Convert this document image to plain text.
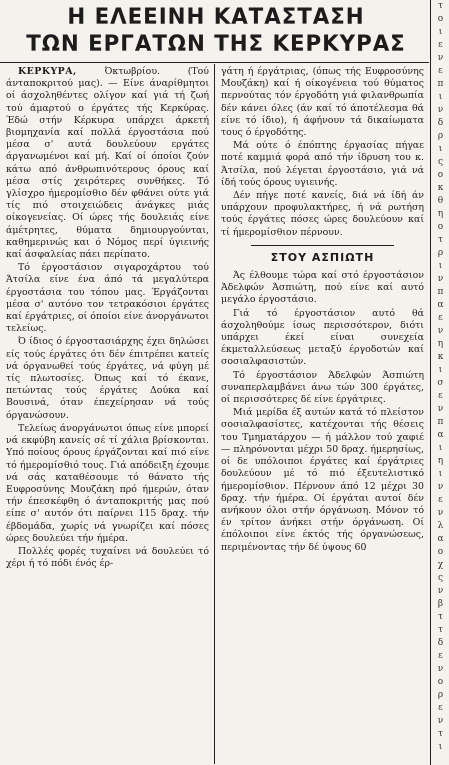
Η ΕΛΕΕΙΝΗ ΚΑΤΑΣΤΑΣΗ
ΤΩΝ ΕΡΓΑΤΩΝ ΤΗΣ ΚΕΡΚΥΡΑΣ

ΚΕΡΚΥΡΑ,	Όκτωβρίου. (Τού άνταποκριτού μας). — Είνε άναρίθμητοι οί άσχοληθέντες ολίγον καί γιά τή ζωή τού άμαρτού ο έργάτες τής Κερκύρας. Έδώ στήν Κέρκυρα υπάρχει άρκετή βιομηχανία καί πολλά έργοστάσια πού μέσα σ' αυτά δουλεύουν εργάτες άργανωμένοι καί μή. Καί οί όποίοι ζούν κάτω από άνθρωπινότερους όρους καί μέσα στίς χειρότερες συνθήκες. Τό γλίσχρο ήμερομίσθιο δέν φθάνει ούτε γιά τίς πιό στοιχειώδεις άνάγκες μιάς οίκογενείας. Οί ώρες τής δουλειάς είνε άμέτρητες, θύματα δημιουργούνται, καθημερινώς και ό Νόμος περί ύγιεινής καί άσφαλείας πάει περίπατο.

Τό έργοστάσιον σιγαροχάρτου τού Άτσίλα είνε ένα άπό τά μεγαλύτερα έργοστάσια του τόπου μας. Έργάζονται μέσα σ' αυτόνο τον τετρακόσιοι έργάτες καί έργάτριες, οί όποίοι είνε άνοργάνωτοι τελείως.

Ό ίδιος ό έργοστασιάρχης έχει δηλώσει είς τούς έργάτες ότι δέν έπιτρέπει κατείς νά όργανωθεί τούς έργάτες, νά φύγη μέ τίς πλωτοσίες. Όπως καί τό έκανε, πετώντας τούς έργάτες Δούκα καί Βουσινά, όταν έπεχείρησαν νά τούς όργανώσουν.

Τελείως άνοργάνωτοι όπως είνε μπορεί νά εκφύβη κανείς σέ τί χάλια βρίσκονται. Υπό ποίους όρους έργάζονται καί πιό είνε τό ήμερομίσθιό τους. Γιά απόδειξη έχουμε νά σάς καταθέσουμε τό θάνατο τής Ευφροσύνης Μουζάκη πρό ήμερών, όταν τήν έπεσκέφθη ό άνταποκριτής μας πού είπε σ' αυτόν ότι παίρνει 115 δραχ. τήν έβδομάδα, χωρίς νά γνωρίζει καί πόσες ώρες δουλεύει τήν ήμέρα.

Πολλές φορές τυχαίνει νά δουλεύει τό χέρι ή τό πόδι ένός έρ-

γάτη ή έργάτριας, (όπως τής Ευφροσύνης Μουζάκη) καί ή οίκογένεια τού θύματος περνούτας τόν έργοδότη γιά φιλανθρωπία δέν κάνει όλες (άν καί τό άποτέλεσμα θά είνε τό ίδιο), ή άφήνουν τά δικαίωματα τους ό έργοδότης.

Μά ούτε ό έπόπτης έργασίας πήγαε ποτέ καμμιά φορά από τήν ίδρυση του κ. Άτσίλα, πού λέγεται έργοστάσιο, γιά νά ίδή τούς όρους υγιεινής.

Δέν πήγε ποτέ κανείς, διά νά ίδή άν υπάρχουν προφυλακτήρες, ή νά ρωτήση τούς έργάτες πόσες ώρες δουλεύουν καί τί ήμερομίσθιον πέρνουν.

ΣΤΟΥ ΑΣΠΙΩΤΗ

Άς έλθουμε τώρα καί στό έργοστάσιον Άδελφών Άσπιώτη, πού είνε καί αυτό μεγάλο έργοστάσιο.

Γιά τό έργοστάσιον αυτό θά άσχοληθούμε ίσως περισσότερον, διότι υπάρχει έκεί είναι συνεχεία έκμεταλλεύσεως μεταξύ έργοδοτών καί σοσιαλφασιστών.

Τό έργοστάσιον Άδελφών Άσπιώτη συναπερλαμβάνει άνω τών 300 έργάτες, οί περισσότερες δέ είνε έργάτριες.

Μιά μερίδα έξ αυτών κατά τό πλείστον σοσιαλφασίστες, κατέχονται τής θέσεις του Τμηματάρχου — ή μάλλον τού χαφιέ — πληρόνονται μέχρι 50 δραχ. ήμερησίως, οί δε υπόλοιποι έργάτες καί έργάτριες δουλεύουν μέ τό πιό έξευτελιστικό ήμερομίσθιον. Πέρνουν άπό 12 μέχρι 30 δραχ. τήν ήμέρα. Οί έργάται αυτοί δέν ανήκουν όλοι στήν όργάνωση. Μόνον τό έν τρίτον άνήκει στήν όργάνωση. Οί έπόλοιποι είνε έκτός τής όργανώσεως, περιμένοντας τήν δέ ύψους 60

τ
ο
ι
ε
ν
ε
π
ι
ν
δ
ρ
ι
ς
ο
κ
θ
η
ο
τ
ρ
ι
ν
π
α
ε
ν
η
κ
ι
σ
ε
ν
π
α
ι
η
ι
ν
ε
ν
λ
α
ο
χ
ς
ν
β
τ
τ
δ
ε
ν
ο
ρ
ε
ν
τ
ι
